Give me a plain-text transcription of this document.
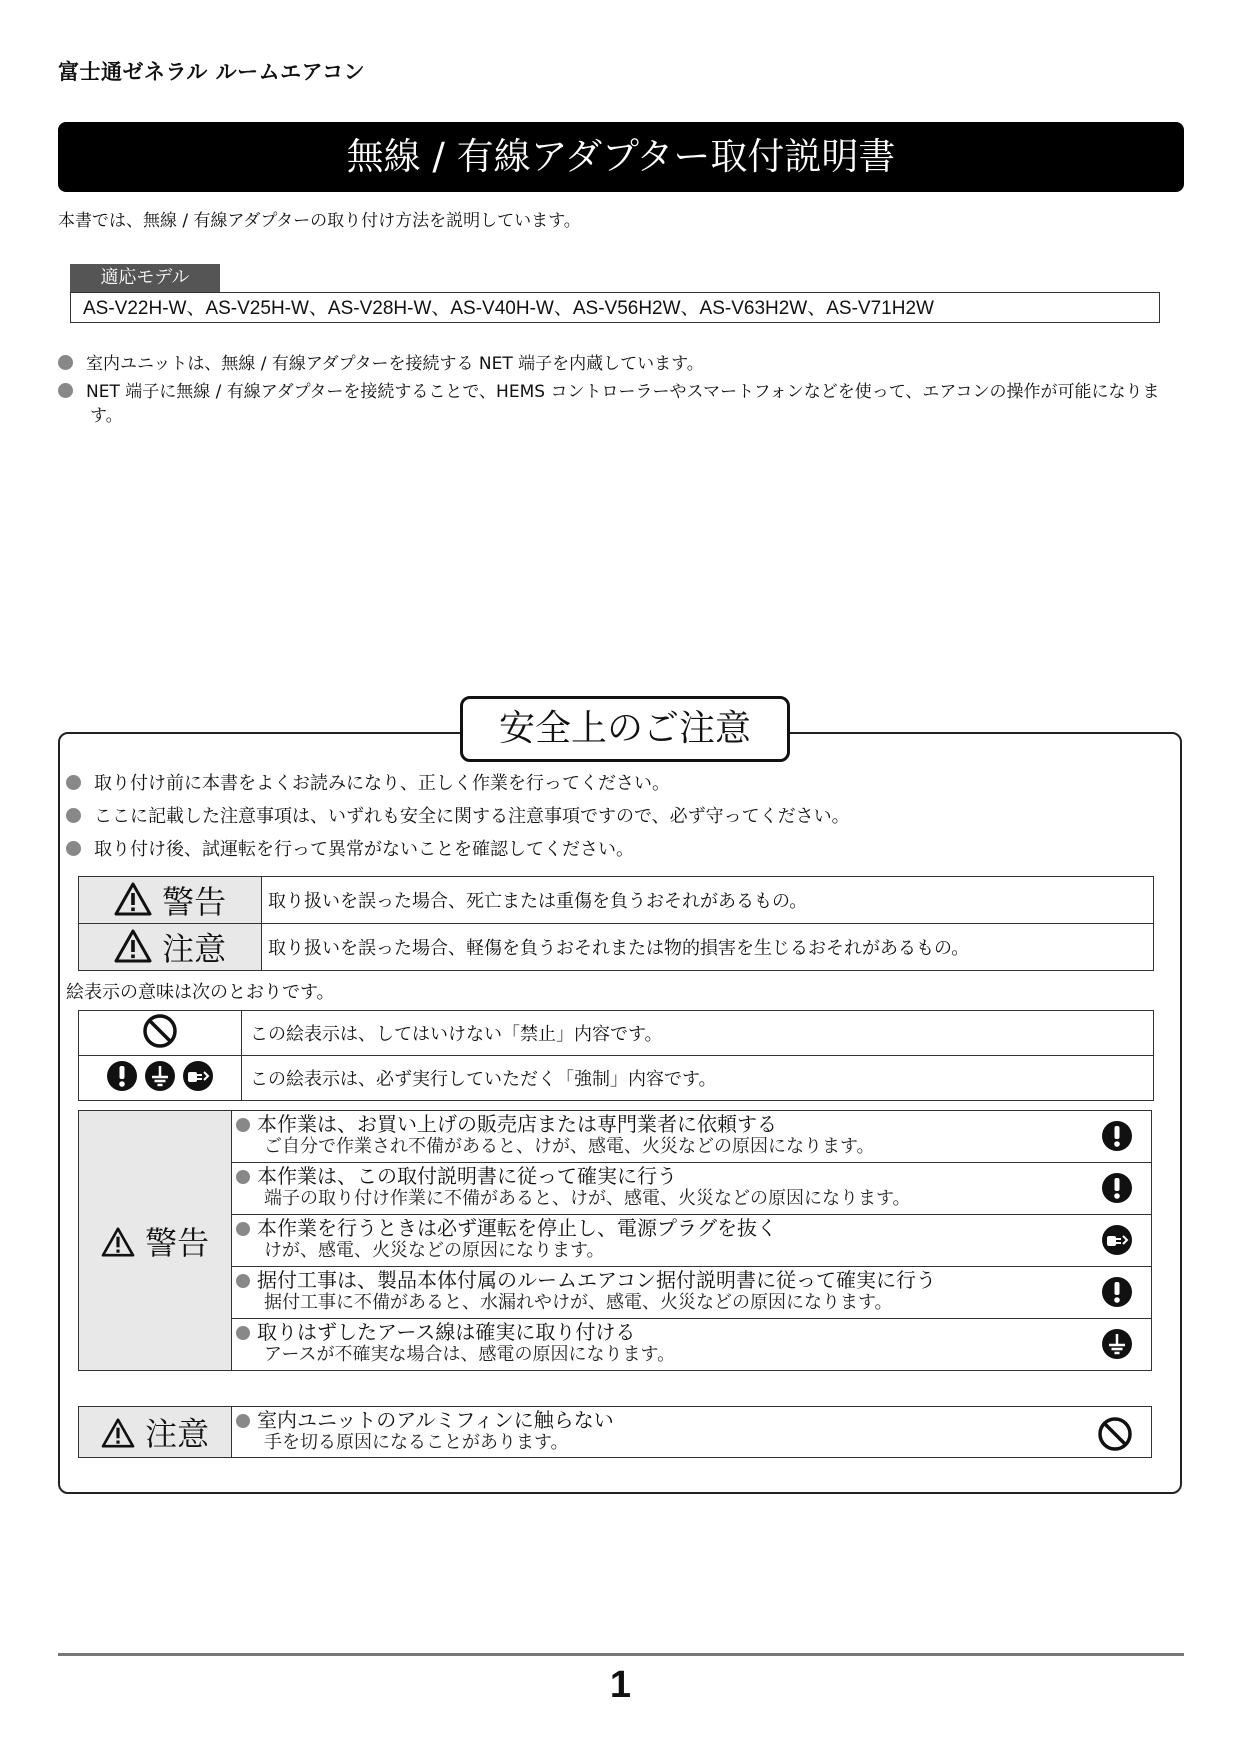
富士通ゼネラル ルームエアコン
無線 / 有線アダプター取付説明書
本書では、無線 / 有線アダプターの取り付け方法を説明しています。
適応モデル
AS-V22H-W、AS-V25H-W、AS-V28H-W、AS-V40H-W、AS-V56H2W、AS-V63H2W、AS-V71H2W
室内ユニットは、無線 / 有線アダプターを接続する NET 端子を内蔵しています。
NET 端子に無線 / 有線アダプターを接続することで、HEMS コントローラーやスマートフォンなどを使って、エアコンの操作が可能になります。
安全上のご注意
取り付け前に本書をよくお読みになり、正しく作業を行ってください。
ここに記載した注意事項は、いずれも安全に関する注意事項ですので、必ず守ってください。
取り付け後、試運転を行って異常がないことを確認してください。
警告	取り扱いを誤った場合、死亡または重傷を負うおそれがあるもの。
注意	取り扱いを誤った場合、軽傷を負うおそれまたは物的損害を生じるおそれがあるもの。
絵表示の意味は次のとおりです。
	この絵表示は、してはいけない「禁止」内容です。
	この絵表示は、必ず実行していただく「強制」内容です。
警告	
本作業は、お買い上げの販売店または専門業者に依頼する
ご自分で作業され不備があると、けが、感電、火災などの原因になります。

本作業は、この取付説明書に従って確実に行う
端子の取り付け作業に不備があると、けが、感電、火災などの原因になります。

本作業を行うときは必ず運転を停止し、電源プラグを抜く
けが、感電、火災などの原因になります。

据付工事は、製品本体付属のルームエアコン据付説明書に従って確実に行う
据付工事に不備があると、水漏れやけが、感電、火災などの原因になります。

取りはずしたアース線は確実に取り付ける
アースが不確実な場合は、感電の原因になります。
注意	室内ユニットのアルミフィンに触らない
手を切る原因になることがあります。
1
